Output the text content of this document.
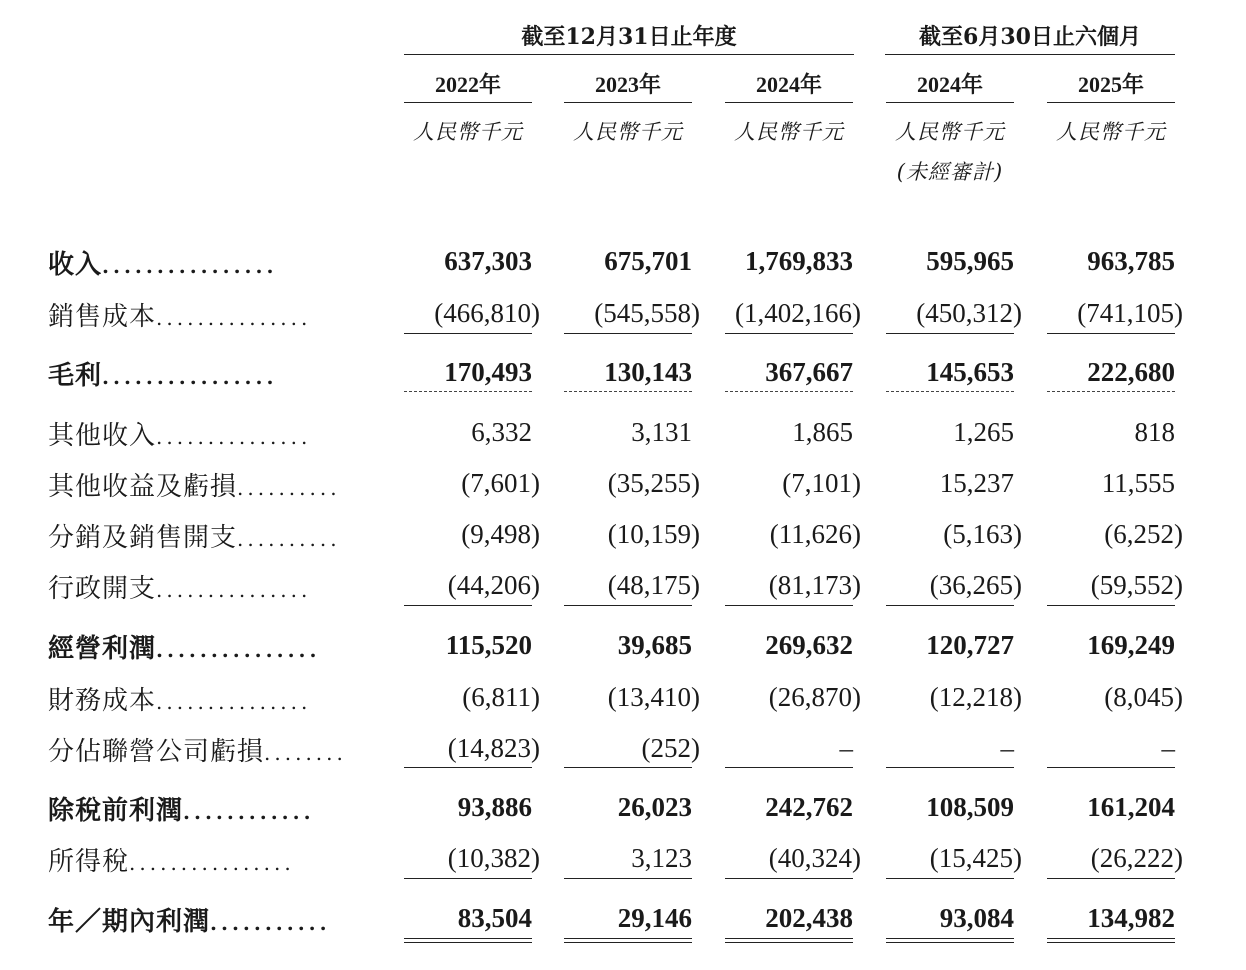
截至12月31日止年度	截至6月30日止六個月
2022年	2023年	2024年	2024年	2025年
人民幣千元	人民幣千元	人民幣千元	人民幣千元	人民幣千元
(未經審計)
收入................	637,303	675,701	1,769,833	595,965	963,785
銷售成本...............	(466,810)	(545,558)	(1,402,166)	(450,312)	(741,105)
毛利................	170,493	130,143	367,667	145,653	222,680
其他收入...............	6,332	3,131	1,865	1,265	818
其他收益及虧損..........	(7,601)	(35,255)	(7,101)	15,237	11,555
分銷及銷售開支..........	(9,498)	(10,159)	(11,626)	(5,163)	(6,252)
行政開支...............	(44,206)	(48,175)	(81,173)	(36,265)	(59,552)
經營利潤...............	115,520	39,685	269,632	120,727	169,249
財務成本...............	(6,811)	(13,410)	(26,870)	(12,218)	(8,045)
分佔聯營公司虧損........	(14,823)	(252)	–	–	–
除稅前利潤............	93,886	26,023	242,762	108,509	161,204
所得稅................	(10,382)	3,123	(40,324)	(15,425)	(26,222)
年／期內利潤...........	83,504	29,146	202,438	93,084	134,982
